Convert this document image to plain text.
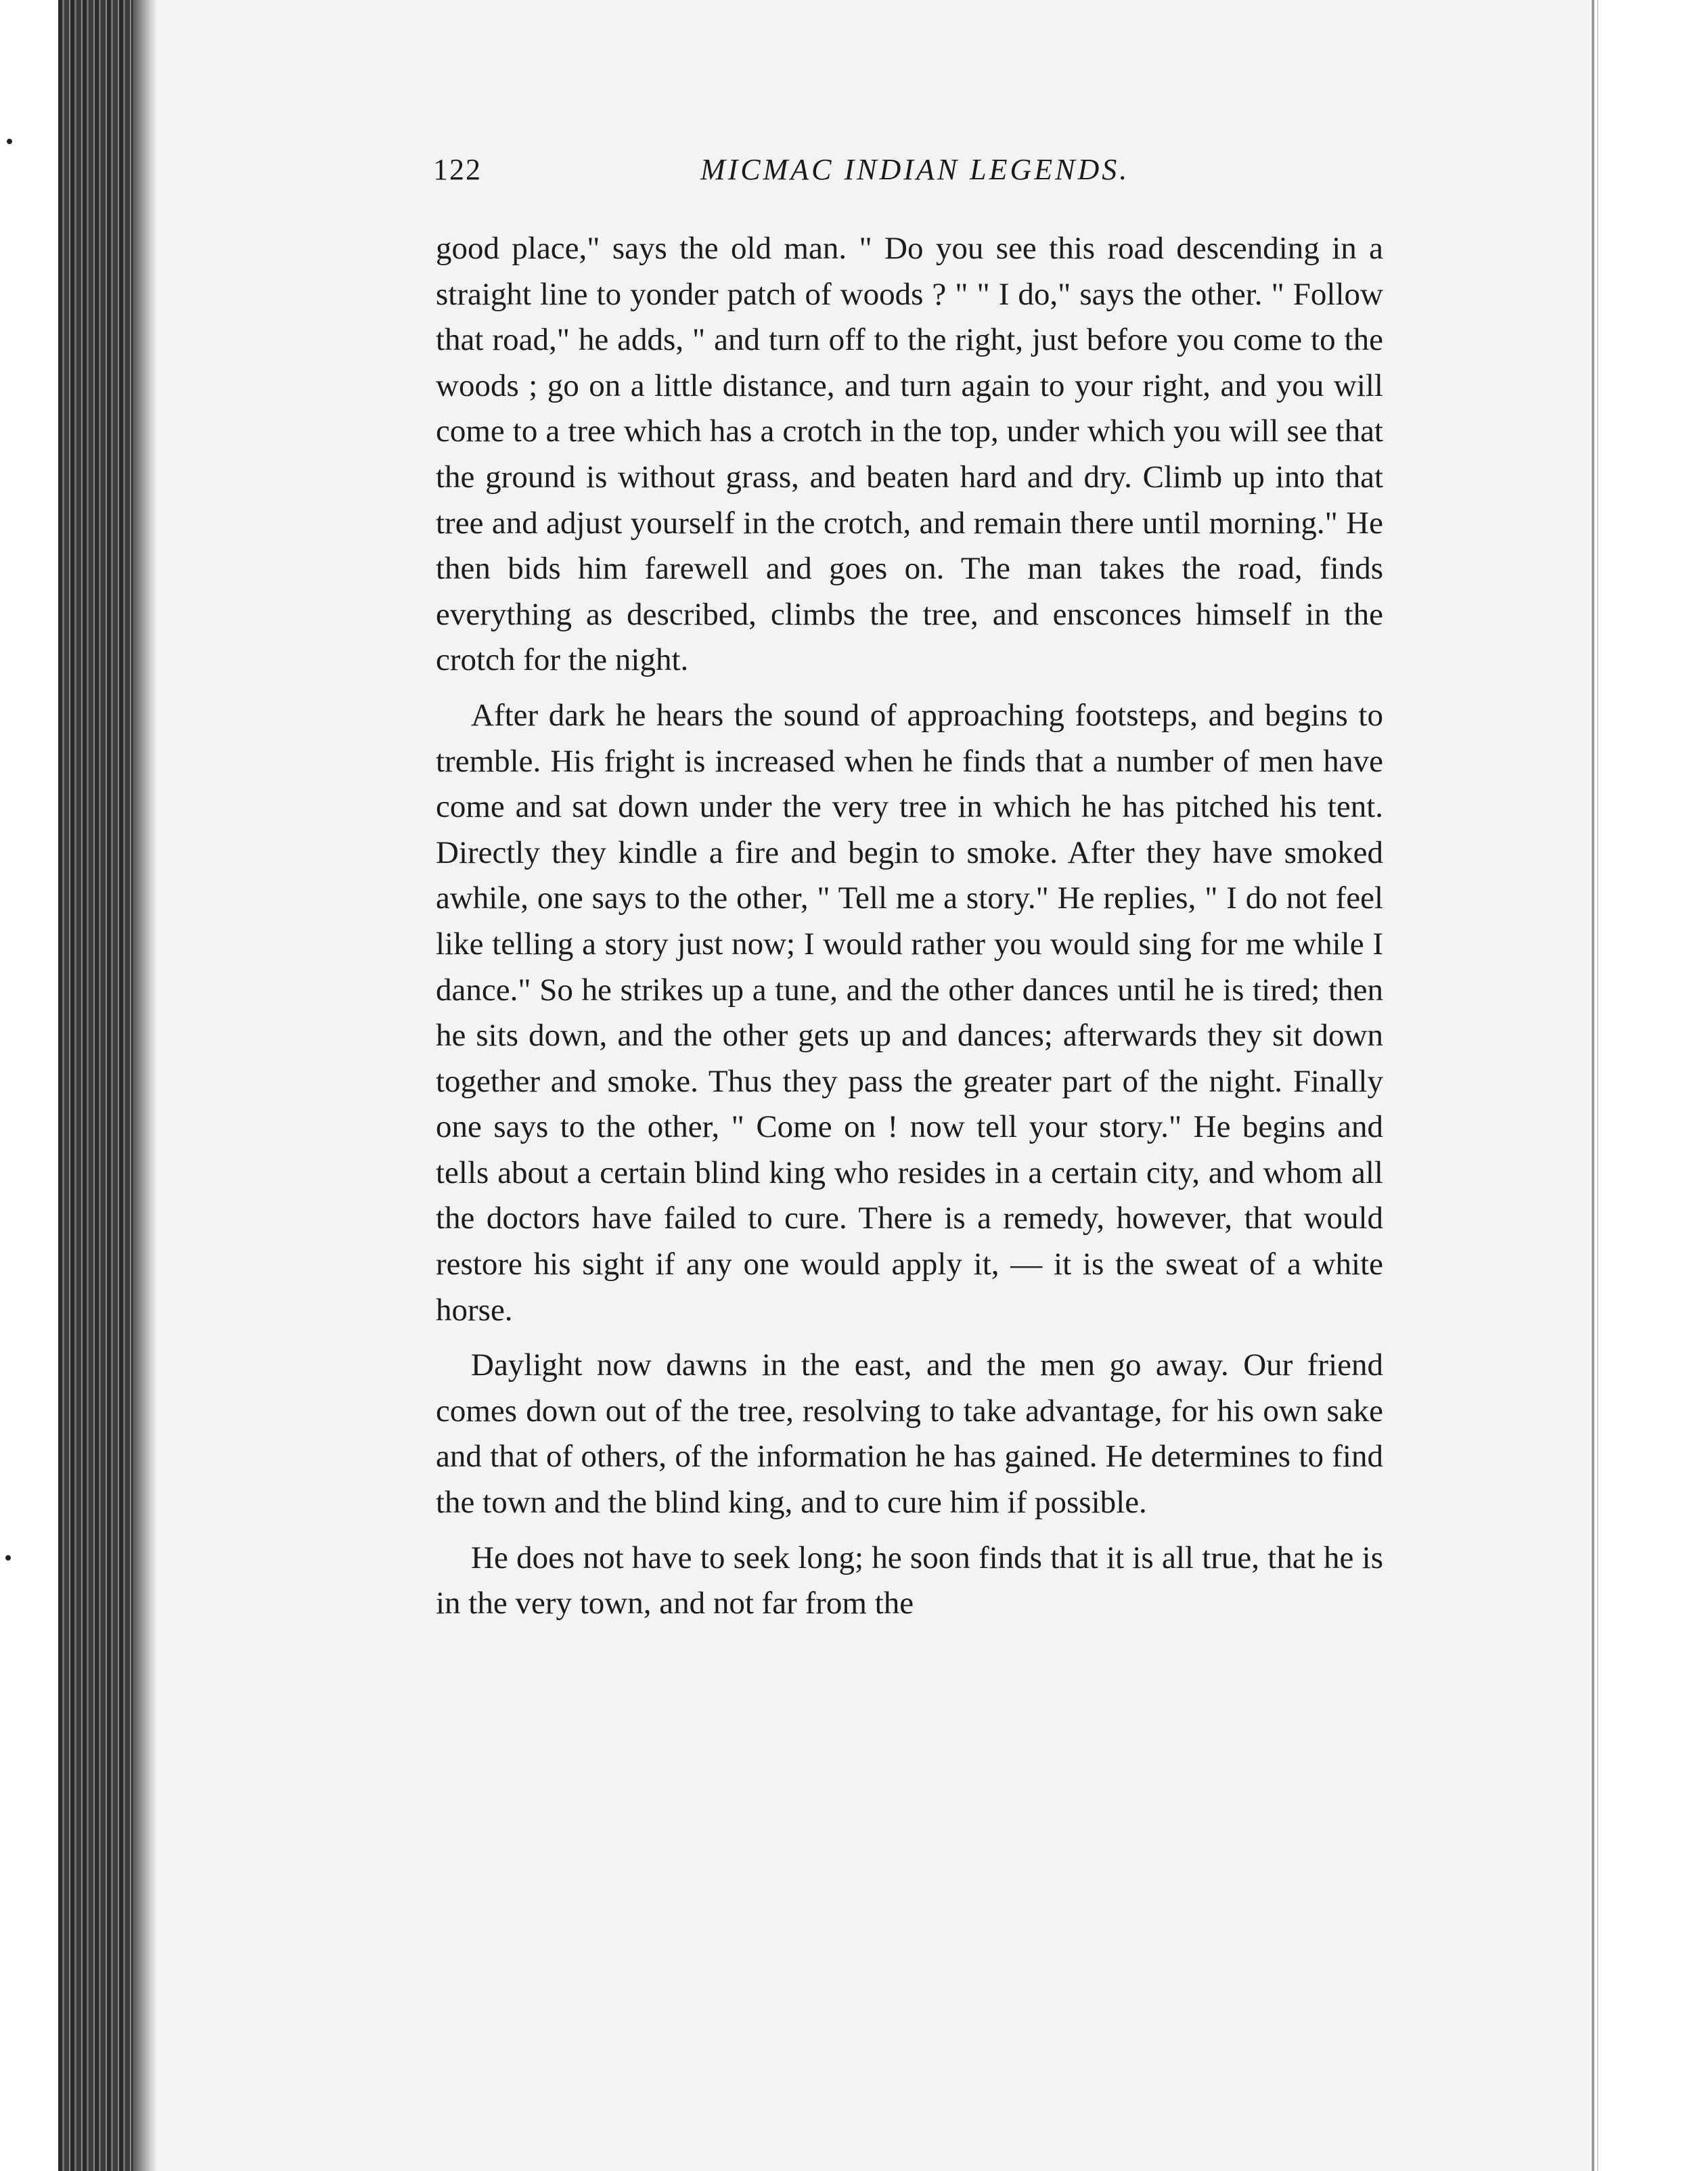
122	MICMAC INDIAN LEGENDS.

good place," says the old man. " Do you see this road descending in a straight line to yonder patch of woods ? " " I do," says the other. " Follow that road," he adds, " and turn off to the right, just before you come to the woods ; go on a little distance, and turn again to your right, and you will come to a tree which has a crotch in the top, under which you will see that the ground is without grass, and beaten hard and dry. Climb up into that tree and adjust yourself in the crotch, and remain there until morning." He then bids him farewell and goes on. The man takes the road, finds everything as described, climbs the tree, and ensconces himself in the crotch for the night.

After dark he hears the sound of approaching footsteps, and begins to tremble. His fright is increased when he finds that a number of men have come and sat down under the very tree in which he has pitched his tent. Directly they kindle a fire and begin to smoke. After they have smoked awhile, one says to the other, " Tell me a story." He replies, " I do not feel like telling a story just now; I would rather you would sing for me while I dance." So he strikes up a tune, and the other dances until he is tired; then he sits down, and the other gets up and dances; afterwards they sit down together and smoke. Thus they pass the greater part of the night. Finally one says to the other, " Come on ! now tell your story." He begins and tells about a certain blind king who resides in a certain city, and whom all the doctors have failed to cure. There is a remedy, however, that would restore his sight if any one would apply it, — it is the sweat of a white horse.

Daylight now dawns in the east, and the men go away. Our friend comes down out of the tree, resolving to take advantage, for his own sake and that of others, of the information he has gained. He determines to find the town and the blind king, and to cure him if possible.

He does not have to seek long; he soon finds that it is all true, that he is in the very town, and not far from the
